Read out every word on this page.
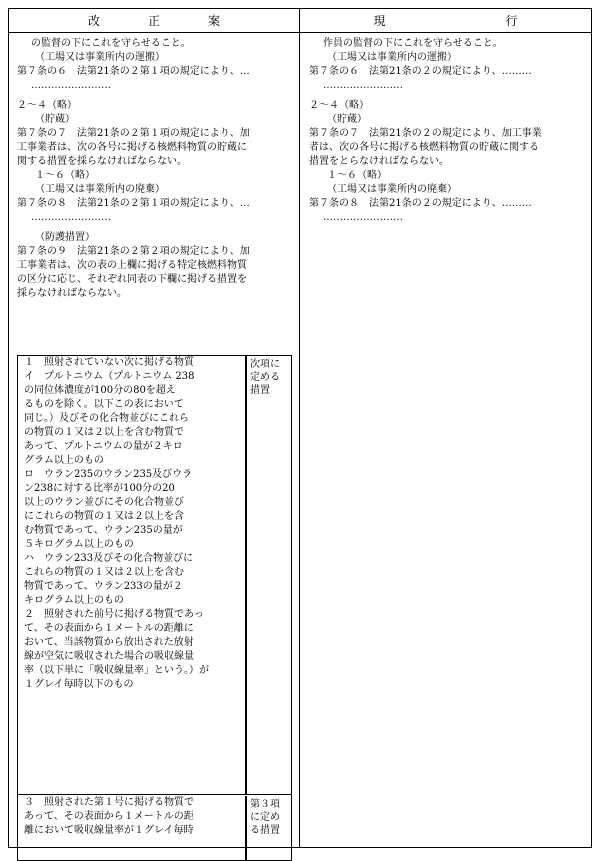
改　　　　正　　　　案	現　　　　　　　　　　行
の監督の下にこれを守らせること。
（工場又は事業所内の運搬）
第７条の６　法第21条の２第１項の規定により、…
……………………
２～４（略）
（貯蔵）
第７条の７　法第21条の２第１項の規定により、加
工事業者は、次の各号に掲げる核燃料物質の貯蔵に
関する措置を採らなければならない。
１～６（略）
（工場又は事業所内の廃棄）
第７条の８　法第21条の２第１項の規定により、…
……………………
（防護措置）
第７条の９　法第21条の２第２項の規定により、加
工事業者は、次の表の上欄に掲げる特定核燃料物質
の区分に応じ、それぞれ同表の下欄に掲げる措置を
採らなければならない。
作員の監督の下にこれを守らせること。
（工場又は事業所内の運搬）
第７条の６　法第21条の２の規定により、………
……………………
２～４（略）
（貯蔵）
第７条の７　法第21条の２の規定により、加工事業
者は、次の各号に掲げる核燃料物質の貯蔵に関する
措置をとらなければならない。
１～６（略）
（工場又は事業所内の廃棄）
第７条の８　法第21条の２の規定により、………
……………………
１　照射されていない次に掲げる物質
イ　プルトニウム（プルトニウム 238
の同位体濃度が100分の80を超え
るものを除く。以下この表において
同じ。）及びその化合物並びにこれら
の物質の１又は２以上を含む物質で
あって、プルトニウムの量が２キロ
グラム以上のもの
ロ　ウラン235のウラン235及びウラ
ン238に対する比率が100分の20
以上のウラン並びにその化合物並び
にこれらの物質の１又は２以上を含
む物質であって、ウラン235の量が
５キログラム以上のもの
ハ　ウラン233及びその化合物並びに
これらの物質の１又は２以上を含む
物質であって、ウラン233の量が２
キログラム以上のもの
２　照射された前号に掲げる物質であっ
て、その表面から１メートルの距離に
おいて、当該物質から放出された放射
線が空気に吸収された場合の吸収線量
率（以下単に「吸収線量率」という。）が
１グレイ毎時以下のもの
次項に定める措置
３　照射された第１号に掲げる物質で
あって、その表面から１メートルの距
離において吸収線量率が１グレイ毎時
第３項に定める措置
